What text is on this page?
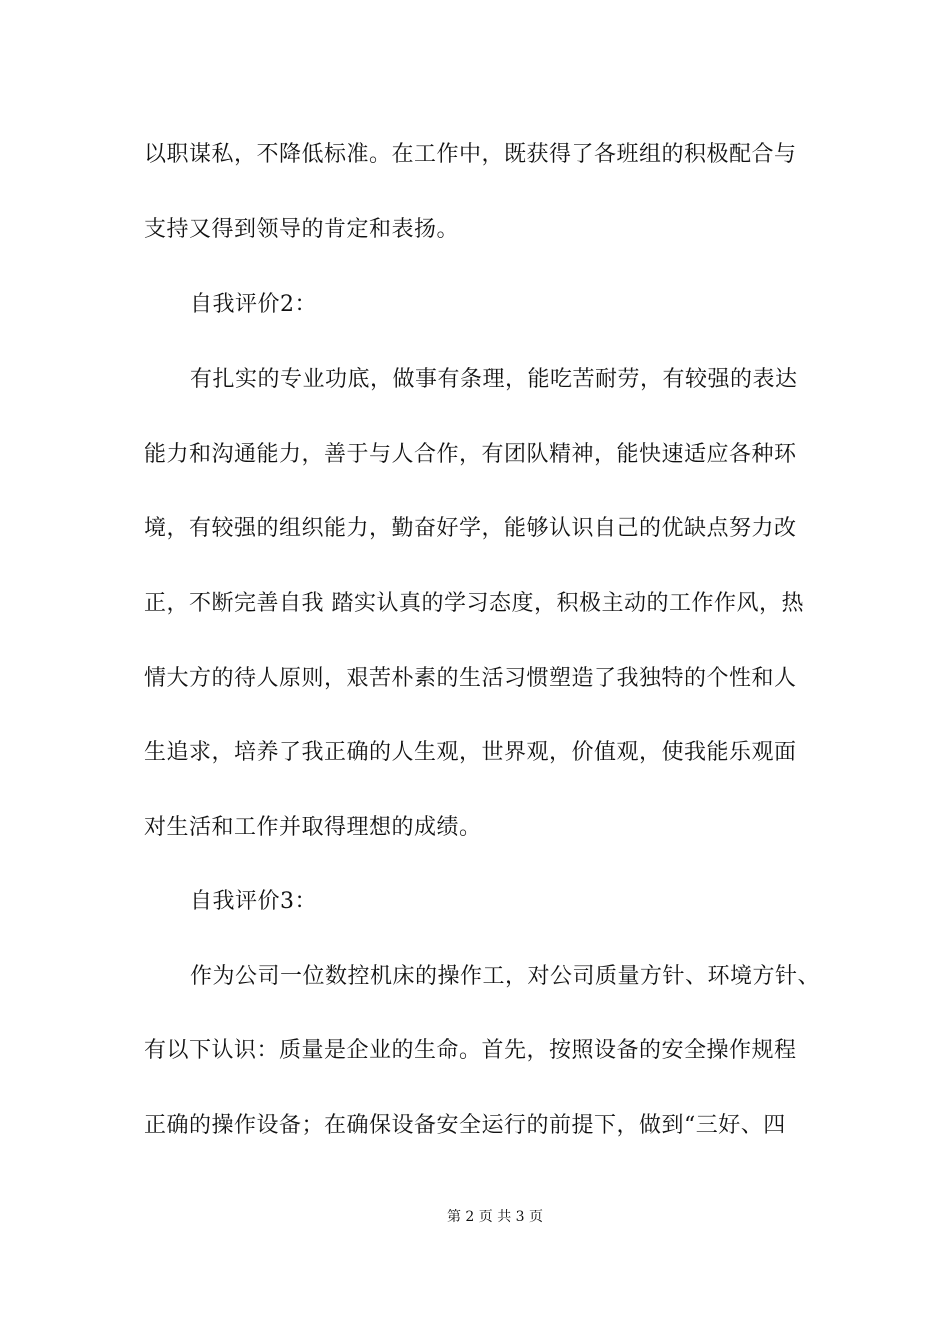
以职谋私，不降低标准。在工作中，既获得了各班组的积极配合与
支持又得到领导的肯定和表扬。
自我评价2：
有扎实的专业功底，做事有条理，能吃苦耐劳，有较强的表达
能力和沟通能力，善于与人合作，有团队精神，能快速适应各种环
境，有较强的组织能力，勤奋好学，能够认识自己的优缺点努力改
正，不断完善自我 踏实认真的学习态度，积极主动的工作作风，热
情大方的待人原则，艰苦朴素的生活习惯塑造了我独特的个性和人
生追求，培养了我正确的人生观，世界观，价值观，使我能乐观面
对生活和工作并取得理想的成绩。
自我评价3：
作为公司一位数控机床的操作工，对公司质量方针、环境方针、
有以下认识：质量是企业的生命。首先，按照设备的安全操作规程
正确的操作设备；在确保设备安全运行的前提下，做到“三好、四
第 2 页 共 3 页
